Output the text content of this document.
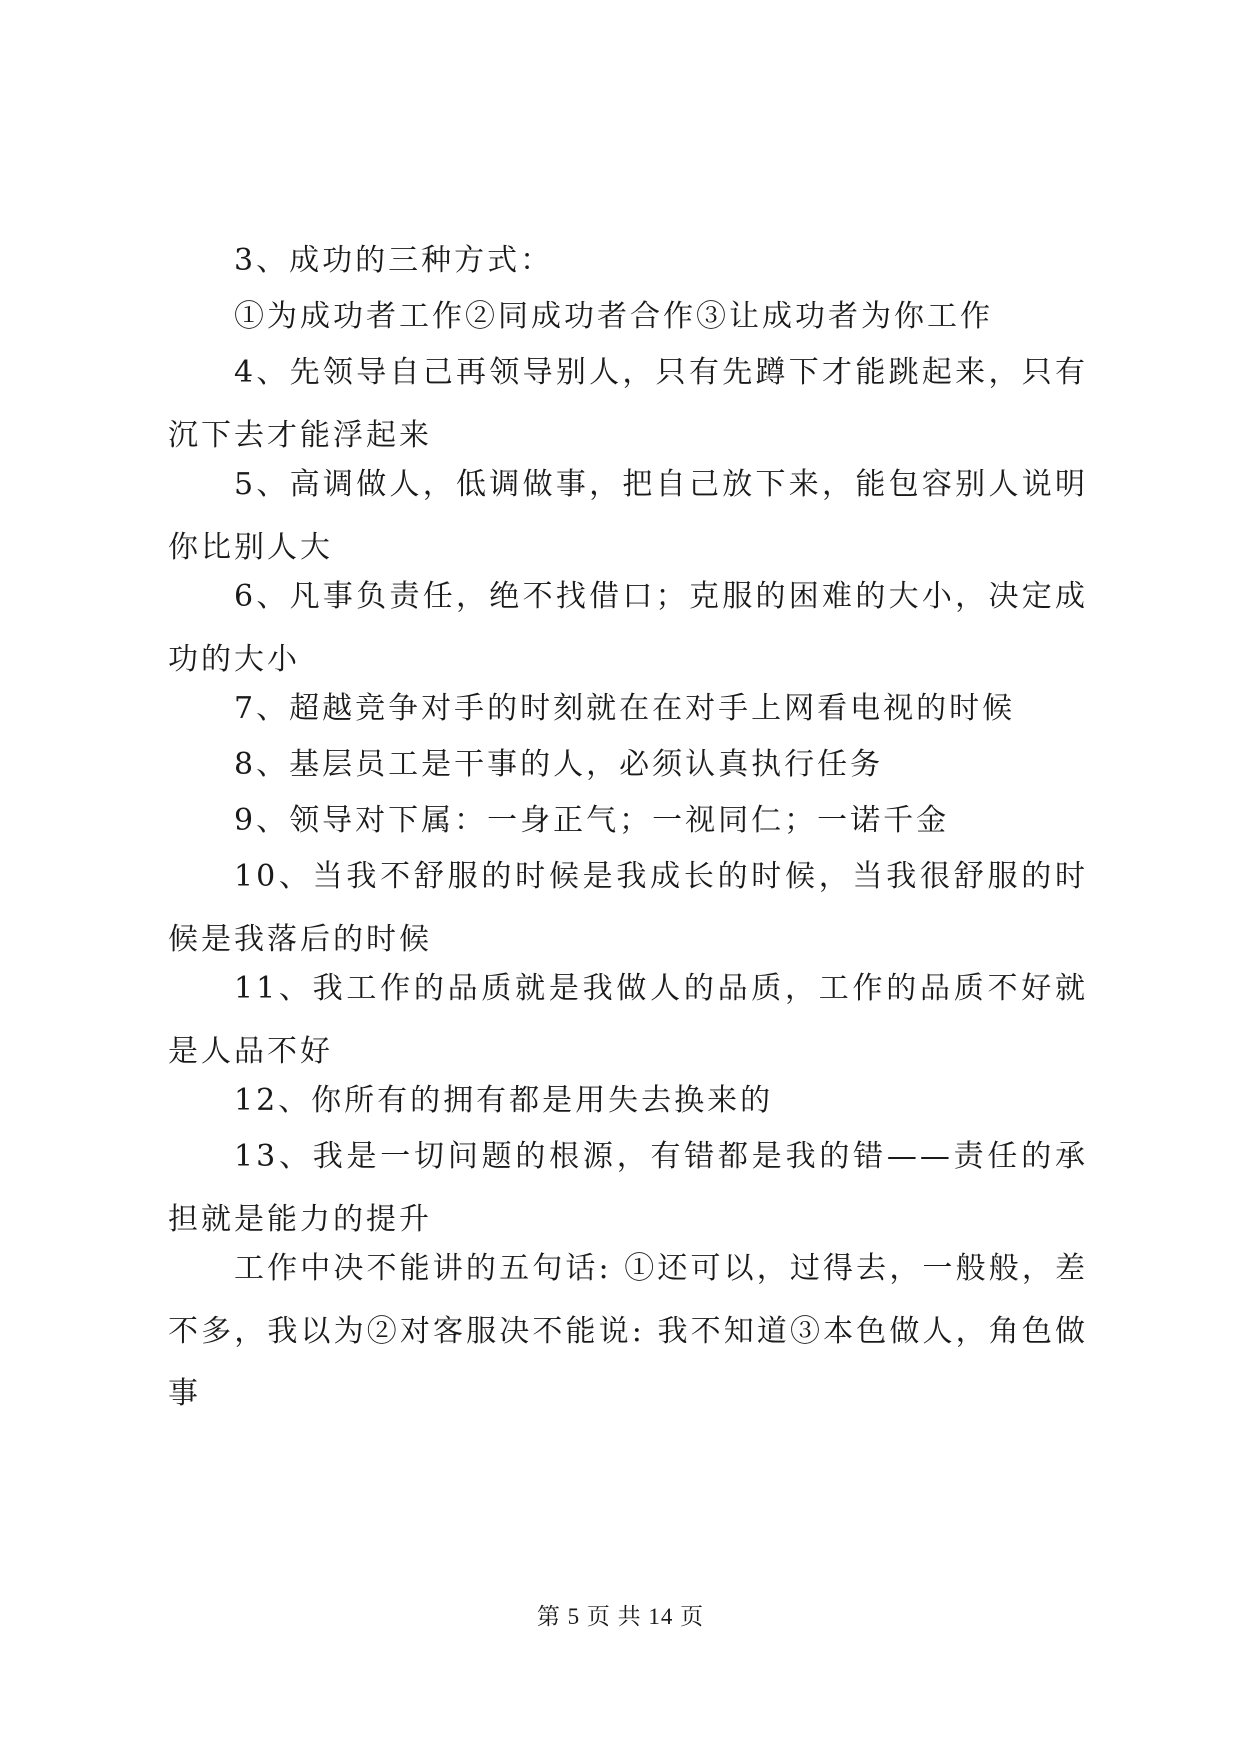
3、成功的三种方式：

①为成功者工作②同成功者合作③让成功者为你工作

4、先领导自己再领导别人，只有先蹲下才能跳起来，只有沉下去才能浮起来

5、高调做人，低调做事，把自己放下来，能包容别人说明你比别人大

6、凡事负责任，绝不找借口；克服的困难的大小，决定成功的大小

7、超越竞争对手的时刻就在在对手上网看电视的时候

8、基层员工是干事的人，必须认真执行任务

9、领导对下属：一身正气；一视同仁；一诺千金

10、当我不舒服的时候是我成长的时候，当我很舒服的时候是我落后的时候

11、我工作的品质就是我做人的品质，工作的品质不好就是人品不好

12、你所有的拥有都是用失去换来的

13、我是一切问题的根源，有错都是我的错——责任的承担就是能力的提升

工作中决不能讲的五句话: ①还可以，过得去，一般般，差不多，我以为②对客服决不能说: 我不知道③本色做人，角色做事

第 5 页 共 14 页
